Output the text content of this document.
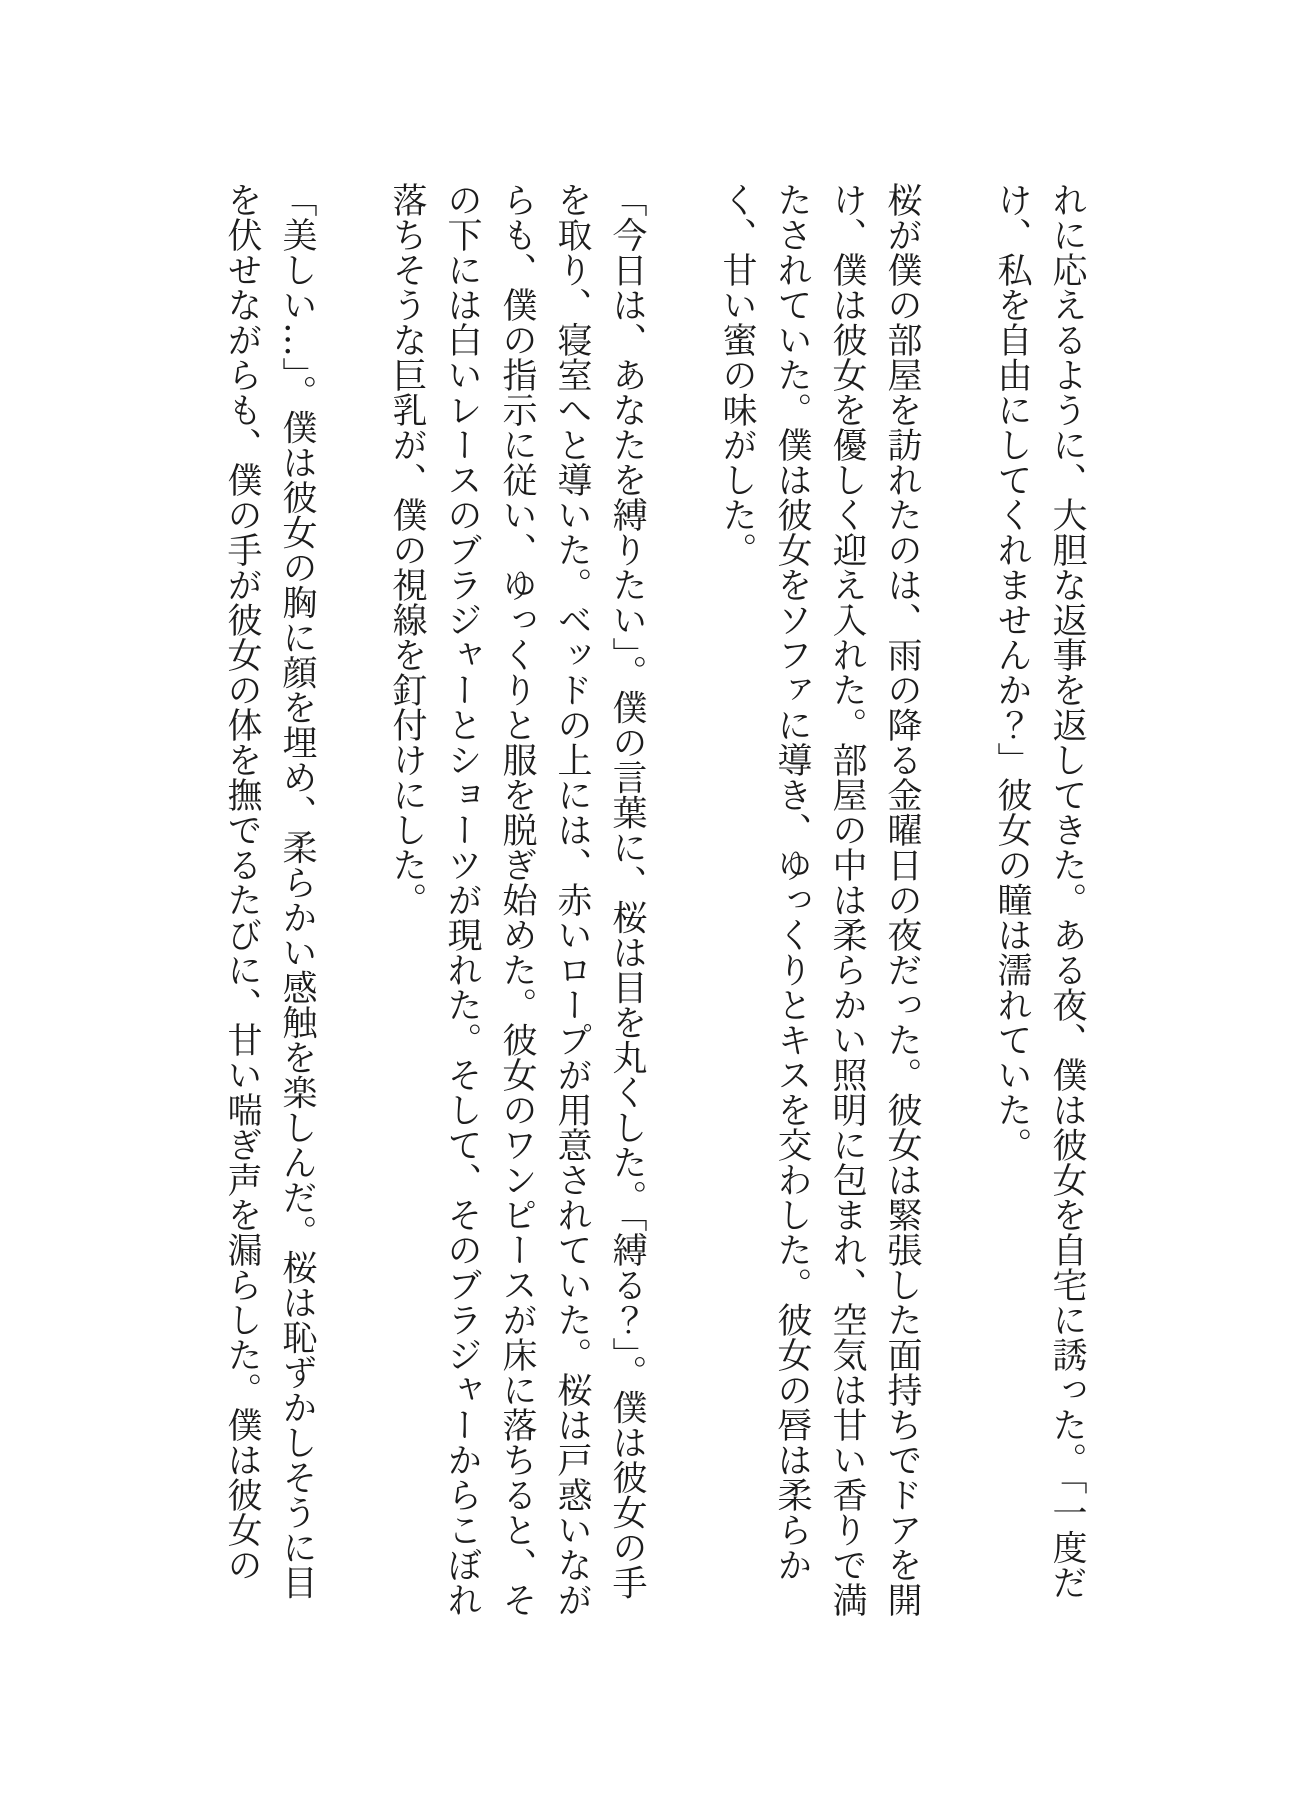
れに応えるように、大胆な返事を返してきた。ある夜、僕は彼女を自宅に誘った。「一度だけ、私を自由にしてくれませんか？」彼女の瞳は濡れていた。

桜が僕の部屋を訪れたのは、雨の降る金曜日の夜だった。彼女は緊張した面持ちでドアを開け、僕は彼女を優しく迎え入れた。部屋の中は柔らかい照明に包まれ、空気は甘い香りで満たされていた。僕は彼女をソファに導き、ゆっくりとキスを交わした。彼女の唇は柔らかく、甘い蜜の味がした。

「今日は、あなたを縛りたい」。僕の言葉に、桜は目を丸くした。「縛る？」。僕は彼女の手を取り、寝室へと導いた。ベッドの上には、赤いロープが用意されていた。桜は戸惑いながらも、僕の指示に従い、ゆっくりと服を脱ぎ始めた。彼女のワンピースが床に落ちると、その下には白いレースのブラジャーとショーツが現れた。そして、そのブラジャーからこぼれ落ちそうな巨乳が、僕の視線を釘付けにした。

「美しい…」。僕は彼女の胸に顔を埋め、柔らかい感触を楽しんだ。桜は恥ずかしそうに目を伏せながらも、僕の手が彼女の体を撫でるたびに、甘い喘ぎ声を漏らした。僕は彼女の
